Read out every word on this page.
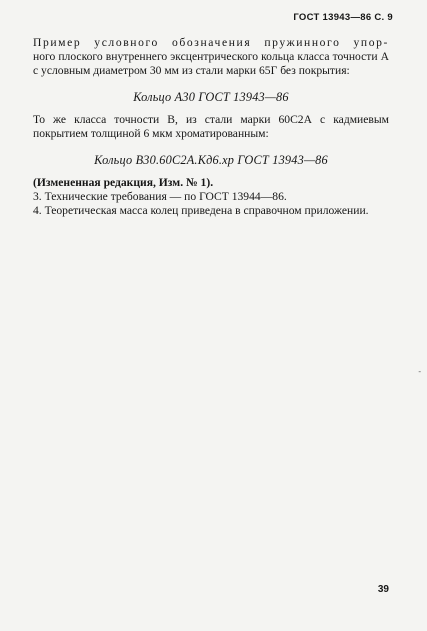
ГОСТ 13943—86 С. 9

Пример условного обозначения пружинного упор-
ного плоского внутреннего эксцентрического кольца класса точности А с условным диаметром 30 мм из стали марки 65Г без покрытия:

Кольцо А30 ГОСТ 13943—86

То же класса точности В, из стали марки 60С2А с кадмиевым покрытием толщиной 6 мкм хроматированным:

Кольцо В30.60С2А.Кд6.хр ГОСТ 13943—86

(Измененная редакция, Изм. № 1).

3. Технические требования — по ГОСТ 13944—86.

4. Теоретическая масса колец приведена в справочном приложении.

-
39
